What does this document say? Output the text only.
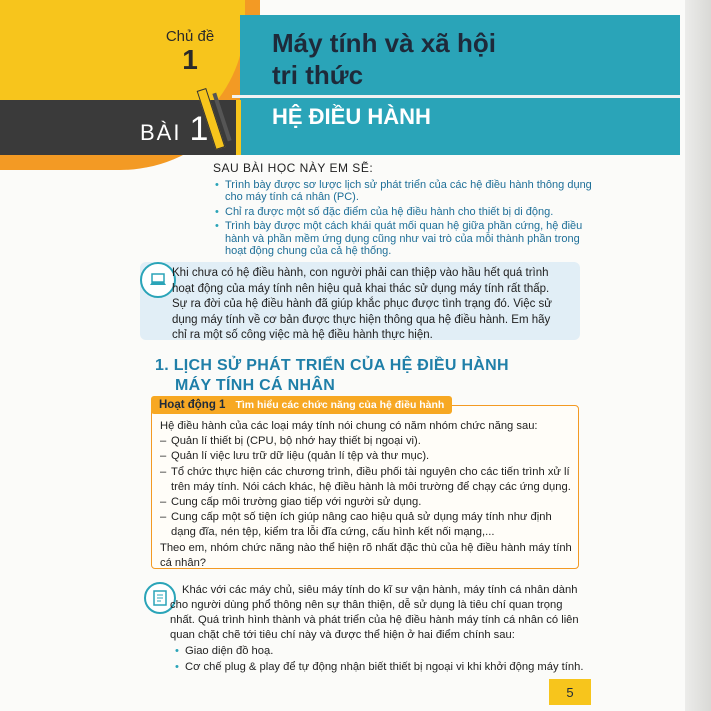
Chủ đề
1
Máy tính và xã hội
tri thức
BÀI 1	HỆ ĐIỀU HÀNH
SAU BÀI HỌC NÀY EM SẼ:
• Trình bày được sơ lược lịch sử phát triển của các hệ điều hành thông dụng cho máy tính cá nhân (PC).
• Chỉ ra được một số đặc điểm của hệ điều hành cho thiết bị di động.
• Trình bày được một cách khái quát mối quan hệ giữa phần cứng, hệ điều hành và phần mềm ứng dụng cũng như vai trò của mỗi thành phần trong hoạt động chung của cả hệ thống.
Khi chưa có hệ điều hành, con người phải can thiệp vào hầu hết quá trình hoạt động của máy tính nên hiệu quả khai thác sử dụng máy tính rất thấp. Sự ra đời của hệ điều hành đã giúp khắc phục được tình trạng đó. Việc sử dụng máy tính về cơ bản được thực hiện thông qua hệ điều hành. Em hãy chỉ ra một số công việc mà hệ điều hành thực hiện.
1. LỊCH SỬ PHÁT TRIỂN CỦA HỆ ĐIỀU HÀNH
MÁY TÍNH CÁ NHÂN
Hoạt động 1 Tìm hiểu các chức năng của hệ điều hành

Hệ điều hành của các loại máy tính nói chung có năm nhóm chức năng sau:

– Quản lí thiết bị (CPU, bộ nhớ hay thiết bị ngoại vi).

– Quản lí việc lưu trữ dữ liệu (quản lí tệp và thư mục).

– Tổ chức thực hiện các chương trình, điều phối tài nguyên cho các tiến trình xử lí trên máy tính. Nói cách khác, hệ điều hành là môi trường để chạy các ứng dụng.

– Cung cấp môi trường giao tiếp với người sử dụng.

– Cung cấp một số tiện ích giúp nâng cao hiệu quả sử dụng máy tính như định dạng đĩa, nén tệp, kiểm tra lỗi đĩa cứng, cấu hình kết nối mạng,...

Theo em, nhóm chức năng nào thể hiện rõ nhất đặc thù của hệ điều hành máy tính cá nhân?

Khác với các máy chủ, siêu máy tính do kĩ sư vận hành, máy tính cá nhân dành cho người dùng phổ thông nên sự thân thiện, dễ sử dụng là tiêu chí quan trọng nhất. Quá trình hình thành và phát triển của hệ điều hành máy tính cá nhân có liên quan chặt chẽ tới tiêu chí này và được thể hiện ở hai điểm chính sau:

• Giao diện đồ hoạ.
• Cơ chế plug & play để tự động nhận biết thiết bị ngoại vi khi khởi động máy tính.
5
